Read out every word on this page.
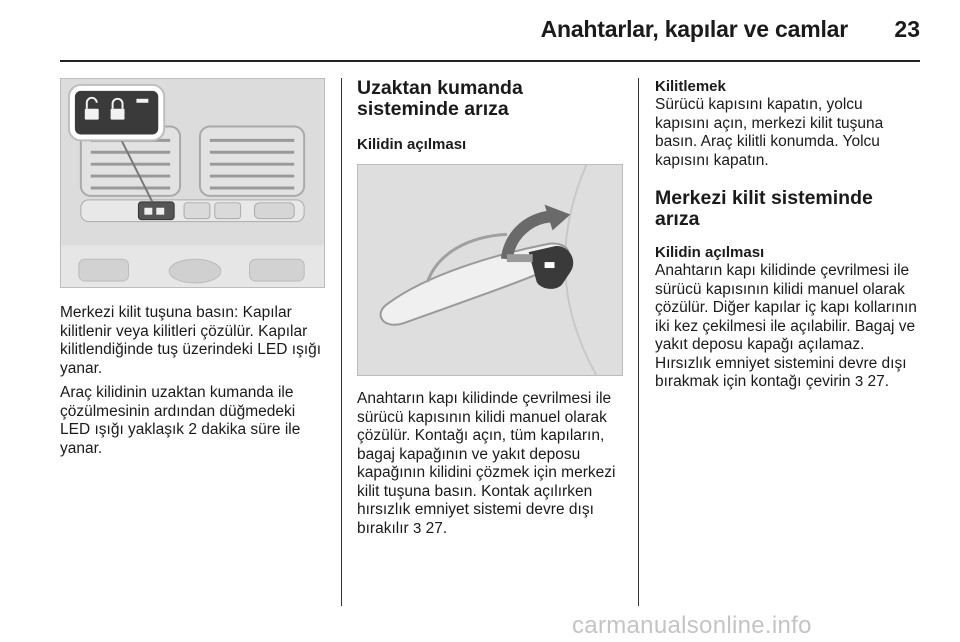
Anahtarlar, kapılar ve camlar 23

Merkezi kilit tuşuna basın: Kapılar kilitlenir veya kilitleri çözülür. Kapılar kilitlendiğinde tuş üzerindeki LED ışığı yanar.

Araç kilidinin uzaktan kumanda ile çözülmesinin ardından düğmedeki LED ışığı yaklaşık 2 dakika süre ile yanar.

Uzaktan kumanda sisteminde arıza
Kilidin açılması

Anahtarın kapı kilidinde çevrilmesi ile sürücü kapısının kilidi manuel olarak çözülür. Kontağı açın, tüm kapıların, bagaj kapağının ve yakıt deposu kapağının kilidini çözmek için merkezi kilit tuşuna basın. Kontak açılırken hırsızlık emniyet sistemi devre dışı bırakılır 3 27.

Kilitlemek

Sürücü kapısını kapatın, yolcu kapısını açın, merkezi kilit tuşuna basın. Araç kilitli konumda. Yolcu kapısını kapatın.

Merkezi kilit sisteminde arıza
Kilidin açılması

Anahtarın kapı kilidinde çevrilmesi ile sürücü kapısının kilidi manuel olarak çözülür. Diğer kapılar iç kapı kollarının iki kez çekilmesi ile açılabilir. Bagaj ve yakıt deposu kapağı açılamaz. Hırsızlık emniyet sistemini devre dışı bırakmak için kontağı çevirin 3 27.

carmanualsonline.info
